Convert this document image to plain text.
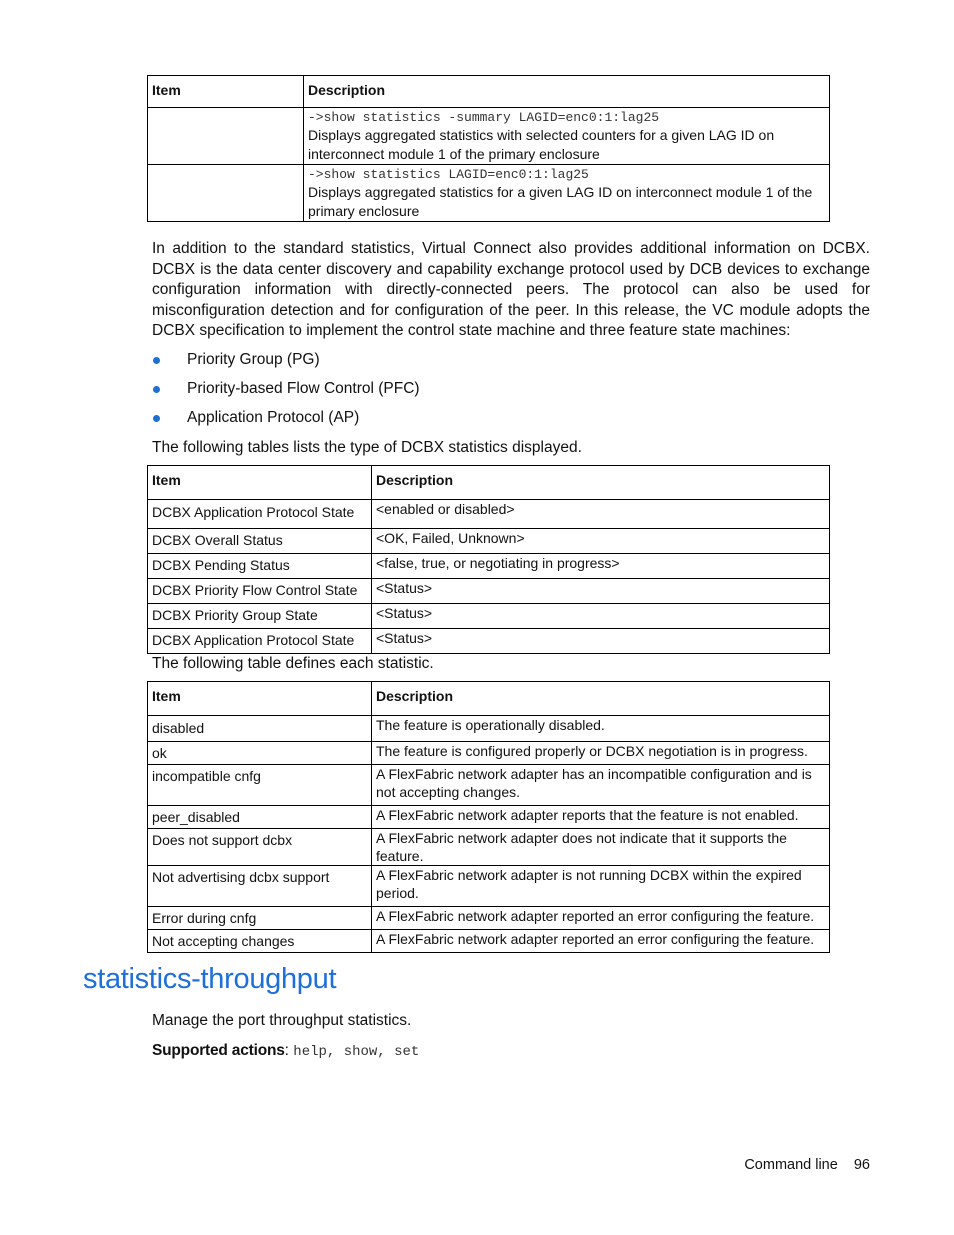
Item	Description

	->show statistics -summary LAGID=enc0:1:lag25
Displays aggregated statistics with selected counters for a given LAG ID on interconnect module 1 of the primary enclosure

	->show statistics LAGID=enc0:1:lag25
Displays aggregated statistics for a given LAG ID on interconnect module 1 of the primary enclosure
In addition to the standard statistics, Virtual Connect also provides additional information on DCBX. DCBX is the data center discovery and capability exchange protocol used by DCB devices to exchange configuration information with directly-connected peers. The protocol can also be used for misconfiguration detection and for configuration of the peer. In this release, the VC module adopts the DCBX specification to implement the control state machine and three feature state machines:
Priority Group (PG)
Priority-based Flow Control (PFC)
Application Protocol (AP)
The following tables lists the type of DCBX statistics displayed.
Item	Description
DCBX Application Protocol State	<enabled or disabled>
DCBX Overall Status	<OK, Failed, Unknown>
DCBX Pending Status	<false, true, or negotiating in progress>
DCBX Priority Flow Control State	<Status>
DCBX Priority Group State	<Status>
DCBX Application Protocol State	<Status>
The following table defines each statistic.
Item	Description
disabled	The feature is operationally disabled.
ok	The feature is configured properly or DCBX negotiation is in progress.
incompatible cnfg	A FlexFabric network adapter has an incompatible configuration and is not accepting changes.
peer_disabled	A FlexFabric network adapter reports that the feature is not enabled.
Does not support dcbx	A FlexFabric network adapter does not indicate that it supports the feature.
Not advertising dcbx support	A FlexFabric network adapter is not running DCBX within the expired period.
Error during cnfg	A FlexFabric network adapter reported an error configuring the feature.
Not accepting changes	A FlexFabric network adapter reported an error configuring the feature.
statistics-throughput
Manage the port throughput statistics.
Supported actions: help, show, set
Command line 96
